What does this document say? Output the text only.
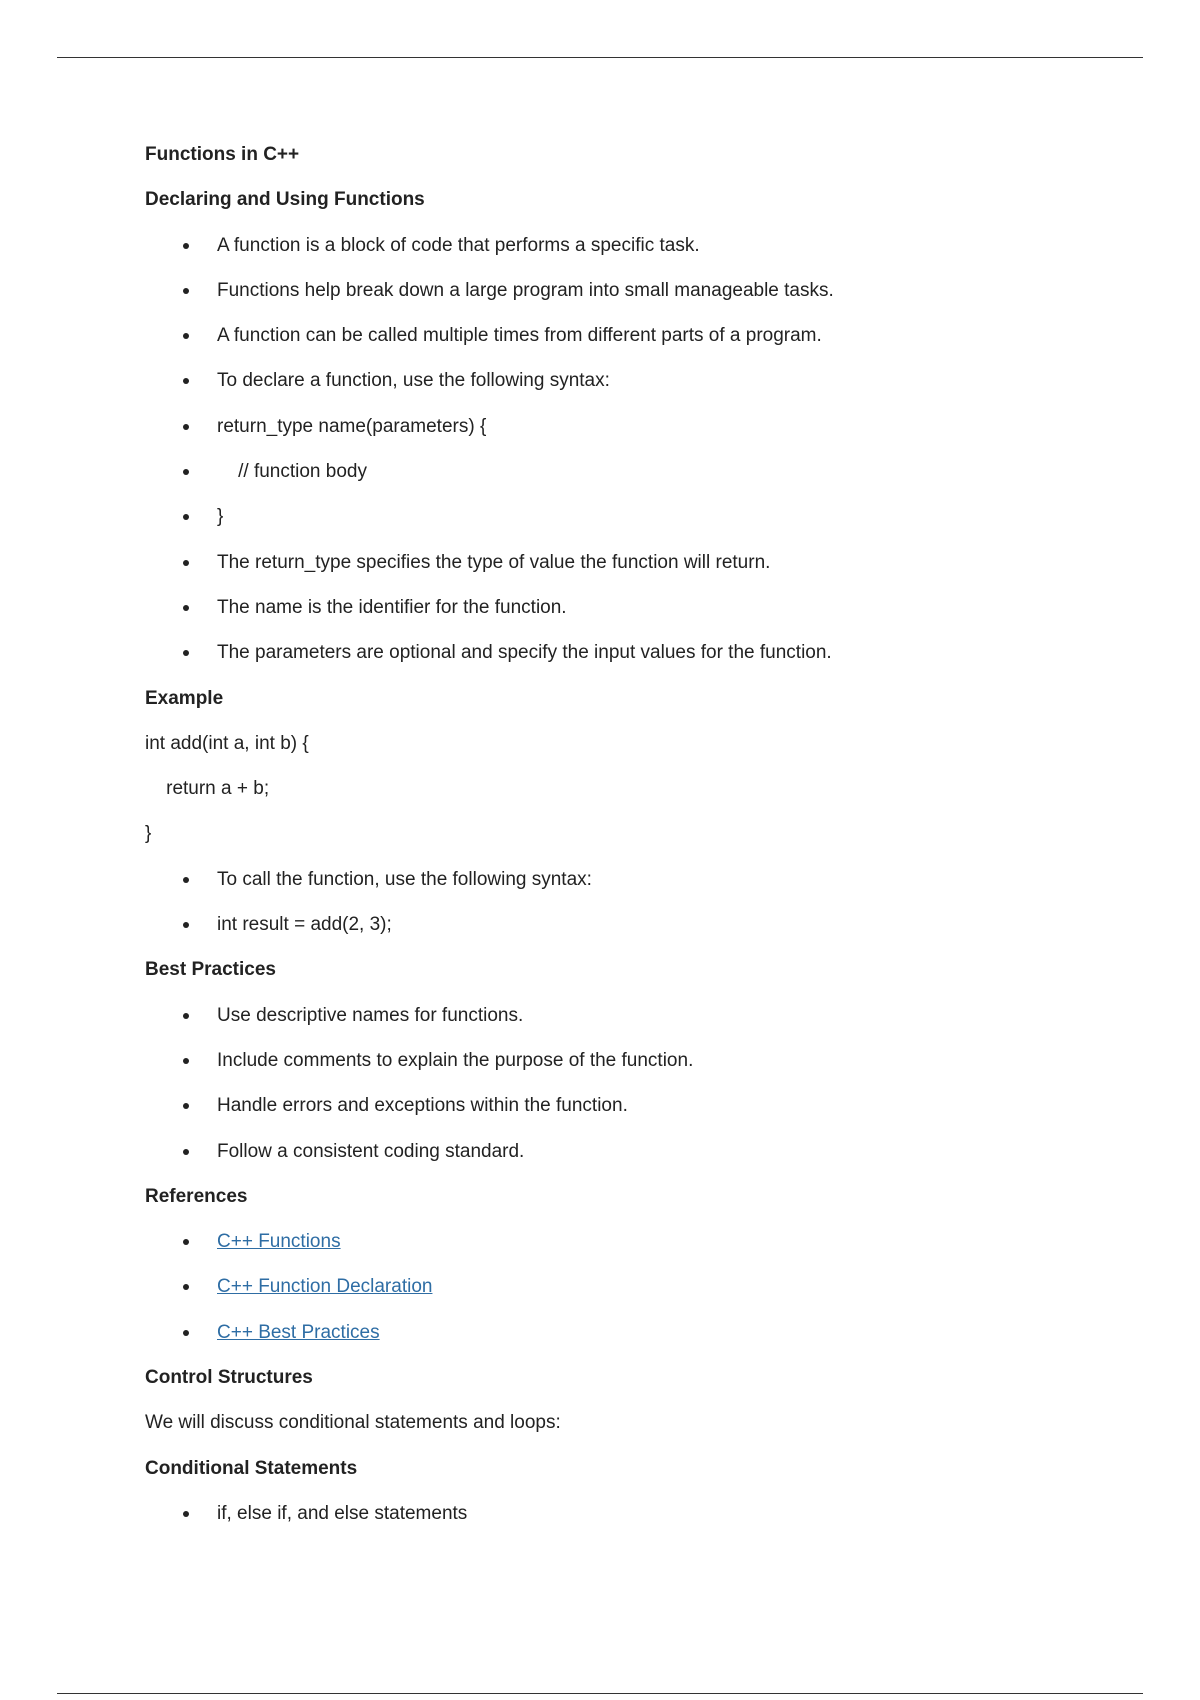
Functions in C++
Declaring and Using Functions
A function is a block of code that performs a specific task.
Functions help break down a large program into small manageable tasks.
A function can be called multiple times from different parts of a program.
To declare a function, use the following syntax:
return_type name(parameters) {
// function body
}
The return_type specifies the type of value the function will return.
The name is the identifier for the function.
The parameters are optional and specify the input values for the function.
Example
int add(int a, int b) {
return a + b;
}
To call the function, use the following syntax:
int result = add(2, 3);
Best Practices
Use descriptive names for functions.
Include comments to explain the purpose of the function.
Handle errors and exceptions within the function.
Follow a consistent coding standard.
References
C++ Functions
C++ Function Declaration
C++ Best Practices
Control Structures
We will discuss conditional statements and loops:
Conditional Statements
if, else if, and else statements
